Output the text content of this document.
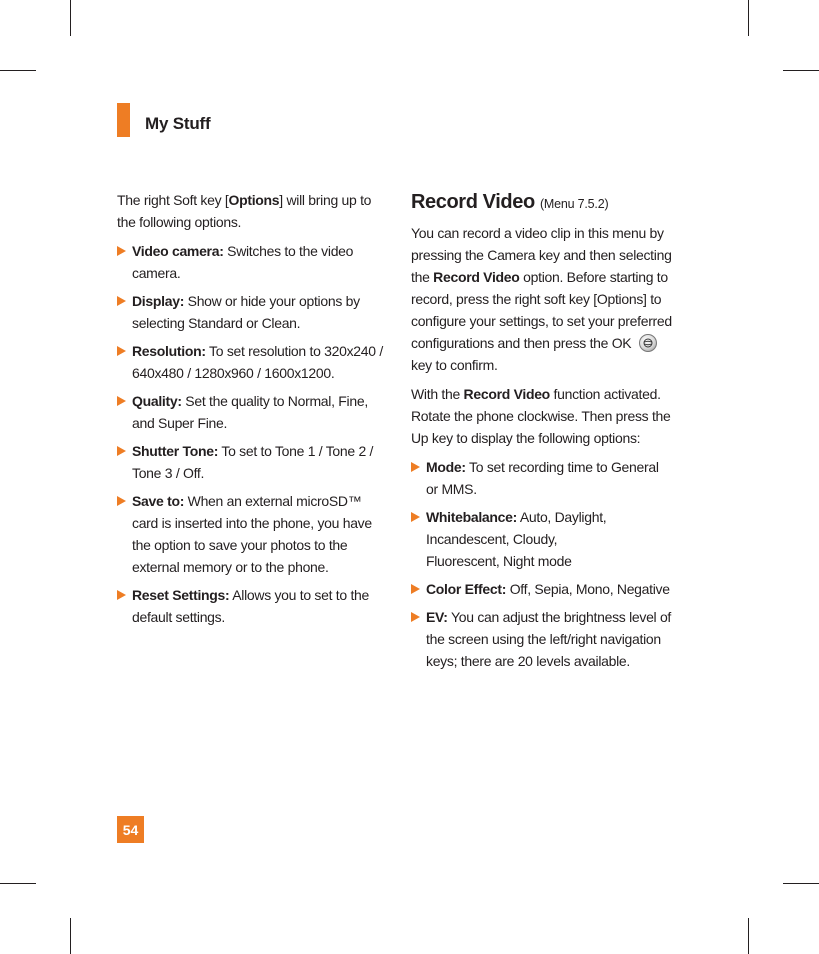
My Stuff

The right Soft key [Options] will bring up to the following options.

Video camera: Switches to the video camera.
Display: Show or hide your options by selecting Standard or Clean.
Resolution: To set resolution to 320x240 / 640x480 / 1280x960 / 1600x1200.
Quality: Set the quality to Normal, Fine, and Super Fine.
Shutter Tone: To set to Tone 1 / Tone 2 / Tone 3 / Off.
Save to: When an external microSD™ card is inserted into the phone, you have the option to save your photos to the external memory or to the phone.
Reset Settings: Allows you to set to the default settings.
Record Video (Menu 7.5.2)

You can record a video clip in this menu by pressing the Camera key and then selecting the Record Video option. Before starting to record, press the right soft key [Options] to configure your settings, to set your preferred configurations and then press the OK
key to confirm.

With the Record Video function activated. Rotate the phone clockwise. Then press the Up key to display the following options:

Mode: To set recording time to General or MMS.
Whitebalance: Auto, Daylight, Incandescent, Cloudy, Fluorescent, Night mode
Color Effect: Off, Sepia, Mono, Negative
EV: You can adjust the brightness level of the screen using the left/right navigation keys; there are 20 levels available.
54
